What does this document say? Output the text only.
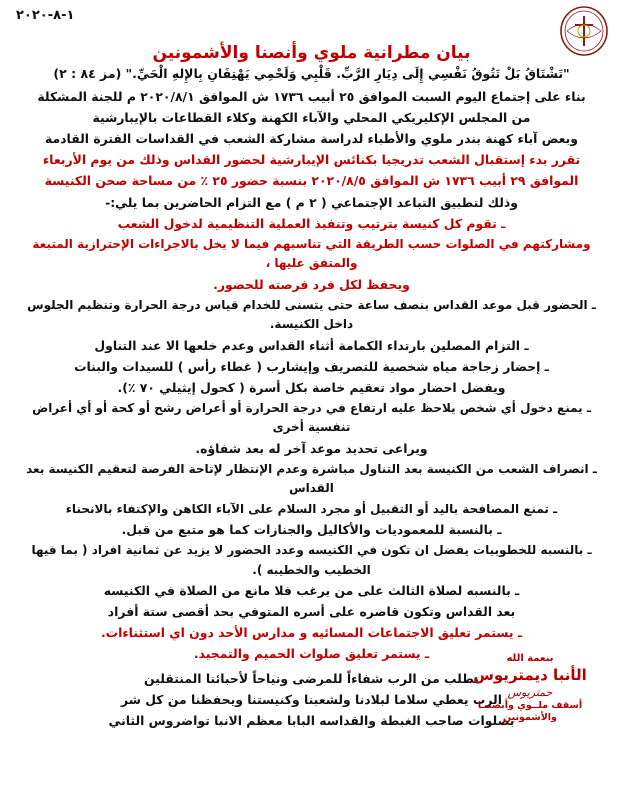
١-٨-٢٠٢٠
بيان مطرانية ملوي وأنصنا والأشمونين
"تَشْتَاقُ بَلْ تَتُوقُ نَفْسِي إِلَى دِيَارِ الرَّبِّ. قَلْبِي وَلَحْمِي يَهْتِفَانِ بِالإِلهِ الْحَيِّ." (مز ٨٤ : ٢)

بناء على إجتماع اليوم السبت الموافق ٢٥ أبيب ١٧٣٦ ش الموافق ٢٠٢٠/٨/١ م للجنة المشكلة

من المجلس الإكليريكي المحلي والآباء الكهنة وكلاء القطاعات بالإيبارشية

وبعض آباء كهنة بندر ملوي والأطباء لدراسة مشاركة الشعب في القداسات الفترة القادمة

تقرر بدء إستقبال الشعب تدريجيا بكنائس الإيبارشية لحضور القداس وذلك من يوم الأربعاء

الموافق ٢٩ أبيب ١٧٣٦ ش الموافق ٢٠٢٠/٨/٥ بنسبة حضور ٢٥ ٪ من مساحة صحن الكنيسة

وذلك لتطبيق التباعد الإجتماعي ( ٢ م ) مع التزام الحاضرين بما يلي:-

ـ تقوم كل كنيسة بترتيب وتنفيذ العملية التنظيمية لدخول الشعب

ومشاركتهم في الصلوات حسب الطريقة التي تناسبهم فيما لا يخل بالاجراءات الإحترازية المتبعة والمتفق عليها ،

ويحفظ لكل فرد فرصته للحضور.

ـ الحضور قبل موعد القداس بنصف ساعة حتى يتسنى للخدام قياس درجة الحرارة وتنظيم الجلوس داخل الكنيسة.

ـ التزام المصلين بارتداء الكمامة أثناء القداس وعدم خلعها الا عند التناول

ـ إحضار زجاجة مياه شخصية للتصريف وإيشارب ( غطاء رأس ) للسيدات والبنات

ويفضل احضار مواد تعقيم خاصة بكل أسرة ( كحول إيثيلي ٧٠ ٪).

ـ يمنع دخول أي شخص يلاحظ عليه ارتفاع في درجة الحرارة أو أعراض رشح أو كحة أو أي أعراض تنفسية أخرى

ويراعى تحديد موعد آخر له بعد شفاؤه.

ـ انصراف الشعب من الكنيسة بعد التناول مباشرة وعدم الإنتظار لإتاحة الفرصة لتعقيم الكنيسة بعد القداس

ـ تمنع المصافحة باليد أو التقبيل أو مجرد السلام على الآباء الكاهن والإكتفاء بالانحناء

ـ بالنسبة للمعموديات والأكاليل والجنازات كما هو متبع من قبل.

ـ بالنسبه للخطوبيات يفضل ان تكون في الكنيسه وعدد الحضور لا يزيد عن ثمانية افراد ( بما فيها الخطيب والخطيبه ).

ـ بالنسبه لصلاة الثالث على من يرغب فلا مانع من الصلاة في الكنيسه

بعد القداس وتكون قاصره على أسره المتوفي بحد أقصى ستة أفراد

ـ يستمر تعليق الاجتماعات المسائيه و مدارس الأحد دون اي استثناءات.

ـ يستمر تعليق صلوات الحميم والتمجيد.

نطلب من الرب شفاءاً للمرضى ونياحاً لأحبائنا المنتقلين

الرب يعطي سلاما لبلادنا ولشعبنا وكنيستنا ويحفظنا من كل شر

بصلوات صاحب الغبطة والقداسه البابا معظم الانبا تواضروس الثاني

بنعمة الله
الأنبا ديمتريوس
حمتريوس
أسقف ملــوي وأنصنــا والأشمونين
